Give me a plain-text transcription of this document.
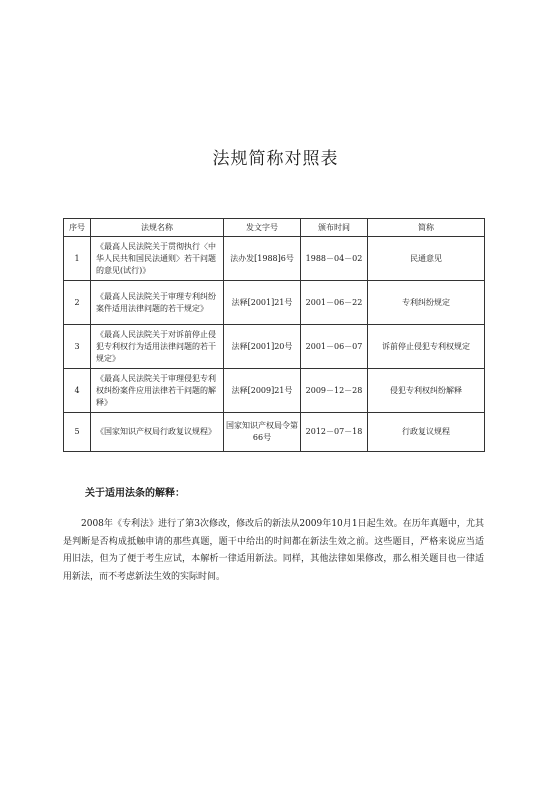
法规简称对照表
序号	法规名称	发文字号	颁布时间	简称
1	《最高人民法院关于贯彻执行〈中华人民共和国民法通则〉若干问题的意见(试行)》	法办发[1988]6号	1988－04－02	民通意见
2	《最高人民法院关于审理专利纠纷案件适用法律问题的若干规定》	法释[2001]21号	2001－06－22	专利纠纷规定
3	《最高人民法院关于对诉前停止侵犯专利权行为适用法律问题的若干规定》	法释[2001]20号	2001－06－07	诉前停止侵犯专利权规定
4	《最高人民法院关于审理侵犯专利权纠纷案件应用法律若干问题的解释》	法释[2009]21号	2009－12－28	侵犯专利权纠纷解释
5	《国家知识产权局行政复议规程》	国家知识产权局令第66号	2012－07－18	行政复议规程
关于适用法条的解释：

2008年《专利法》进行了第3次修改，修改后的新法从2009年10月1日起生效。在历年真题中，尤其是判断是否构成抵触申请的那些真题，题干中给出的时间都在新法生效之前。这些题目，严格来说应当适用旧法，但为了便于考生应试，本解析一律适用新法。同样，其他法律如果修改，那么相关题目也一律适用新法，而不考虑新法生效的实际时间。
